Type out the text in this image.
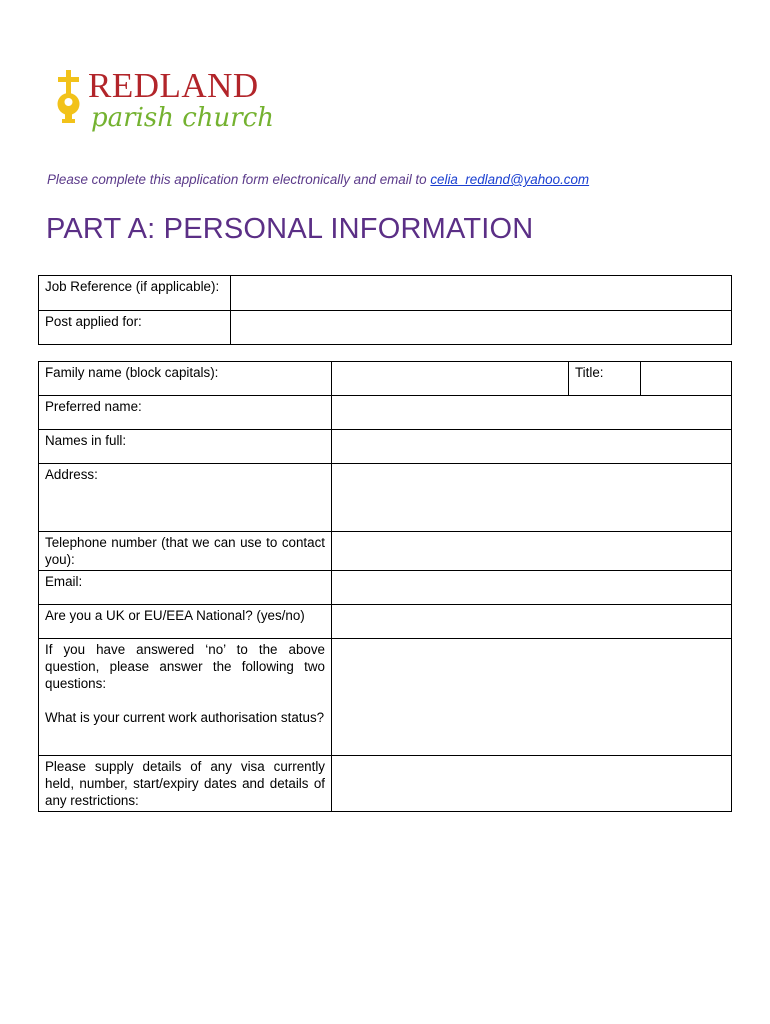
REDLAND
parish church
Please complete this application form electronically and email to celia_redland@yahoo.com
PART A: PERSONAL INFORMATION
Job Reference (if applicable):	
Post applied for:	
Family name (block capitals):		Title:	
Preferred name:			
Names in full:			
Address:			
Telephone number (that we can use to contact you):			
Email:			
Are you a UK or EU/EEA National? (yes/no)			

If you have answered ‘no’ to the above question, please answer the following two questions:
What is your current work authorisation status?			

Please supply details of any visa currently held, number, start/expiry dates and details of any restrictions:			
